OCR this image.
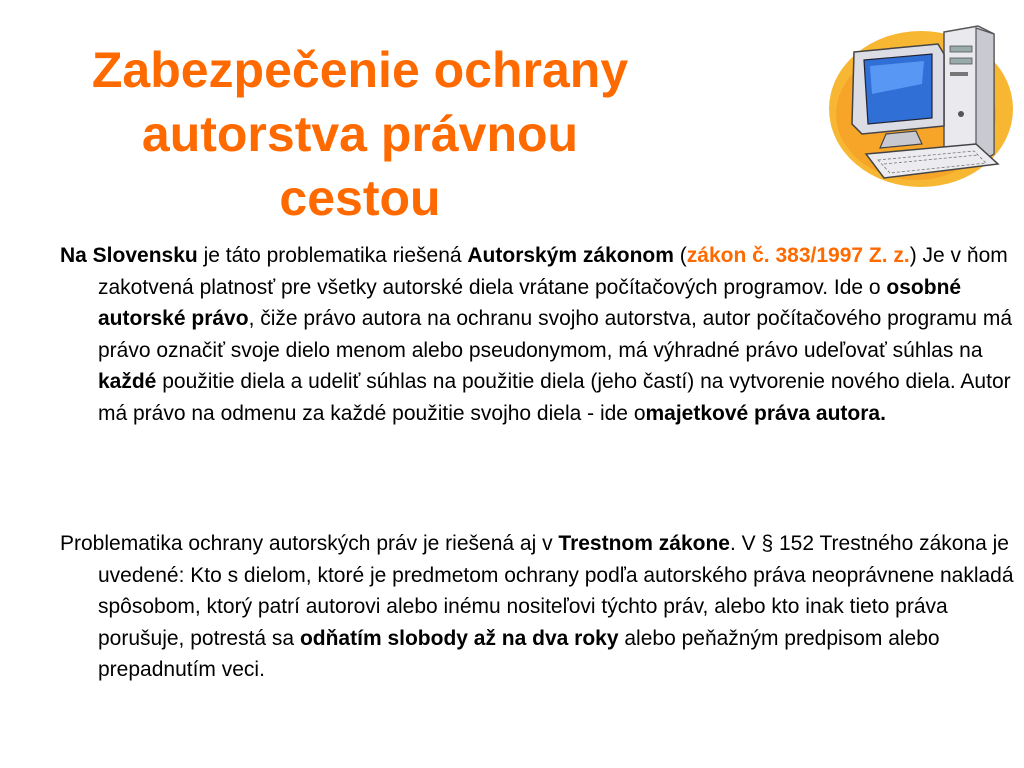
Zabezpečenie ochrany
autorstva právnou
cestou

Na Slovensku je táto problematika riešená Autorským zákonom (zákon č. 383/1997 Z. z.) Je v ňom zakotvená platnosť pre všetky autorské diela vrátane počítačových programov. Ide o osobné autorské právo, čiže právo autora na ochranu svojho autorstva, autor počítačového programu má právo označiť svoje dielo menom alebo pseudonymom, má výhradné právo udeľovať súhlas na každé použitie diela a udeliť súhlas na použitie diela (jeho častí) na vytvorenie nového diela. Autor má právo na odmenu za každé použitie svojho diela - ide omajetkové práva autora.

Problematika ochrany autorských práv je riešená aj v Trestnom zákone. V § 152 Trestného zákona je uvedené: Kto s dielom, ktoré je predmetom ochrany podľa autorského práva neoprávnene nakladá spôsobom, ktorý patrí autorovi alebo inému nositeľovi týchto práv, alebo kto inak tieto práva porušuje, potrestá sa odňatím slobody až na dva roky alebo peňažným predpisom alebo prepadnutím veci.
